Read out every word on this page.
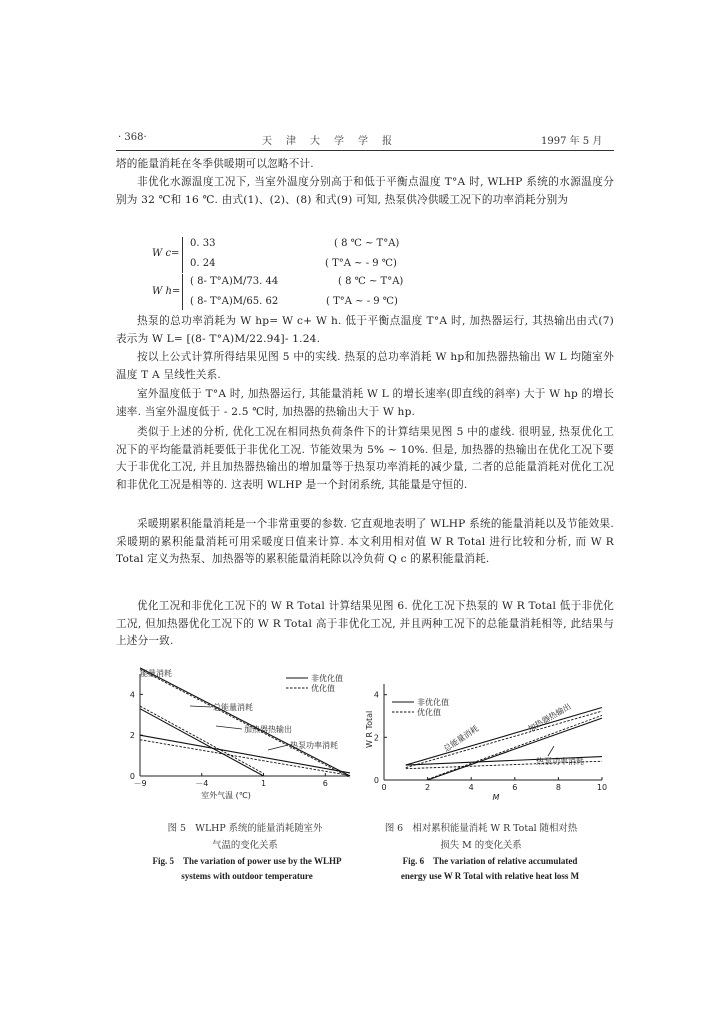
· 368·	天　津　大　学　学　报	1997 年 5 月
塔的能量消耗在冬季供暖期可以忽略不计.
非优化水源温度工况下, 当室外温度分别高于和低于平衡点温度 T°A 时, WLHP 系统的水源温度分别为 32 ℃和 16 ℃. 由式(1)、(2)、(8) 和式(9) 可知, 热泵供冷供暖工况下的功率消耗分别为
W c=
0. 33	( 8 ℃ ~ T°A)
0. 24	( T°A ~ - 9 ℃)
W h=
( 8- T°A)M/73. 44	( 8 ℃ ~ T°A)
( 8- T°A)M/65. 62	( T°A ~ - 9 ℃)
热泵的总功率消耗为 W hp= W c+ W h. 低于平衡点温度 T°A 时, 加热器运行, 其热输出由式(7) 表示为 W L= [(8- T°A)M/22.94]- 1.24.
按以上公式计算所得结果见图 5 中的实线. 热泵的总功率消耗 W hp和加热器热输出 W L 均随室外温度 T A 呈线性关系.
室外温度低于 T°A 时, 加热器运行, 其能量消耗 W L 的增长速率(即直线的斜率) 大于 W hp 的增长速率. 当室外温度低于 - 2.5 ℃时, 加热器的热输出大于 W hp.
类似于上述的分析, 优化工况在相同热负荷条件下的计算结果见图 5 中的虚线. 很明显, 热泵优化工况下的平均能量消耗要低于非优化工况. 节能效果为 5% ~ 10%. 但是, 加热器的热输出在优化工况下要大于非优化工况, 并且加热器热输出的增加量等于热泵功率消耗的减少量, 二者的总能量消耗对优化工况和非优化工况是相等的. 这表明 WLHP 是一个封闭系统, 其能量是守恒的.
采暖期累积能量消耗是一个非常重要的参数. 它直观地表明了 WLHP 系统的能量消耗以及节能效果. 采暖期的累积能量消耗可用采暖度日值来计算. 本文利用相对值 W R Total 进行比较和分析, 而 W R Total 定义为热泵、加热器等的累积能量消耗除以冷负荷 Q c 的累积能量消耗.
优化工况和非优化工况下的 W R Total 计算结果见图 6. 优化工况下热泵的 W R Total 低于非优化工况, 但加热器优化工况下的 W R Total 高于非优化工况, 并且两种工况下的总能量消耗相等, 此结果与上述分一致.
－9	－4	1	6
0
2
4
能量消耗
室外气温 (℃)
非优化值
优化值
总能量消耗
加热器热输出
热泵功率消耗
0	2	4	6	8	10
0
2
4
W R Total
M
非优化值
优化值
总能量消耗
加热器热输出
热泵功率消耗
图 5　WLHP 系统的能量消耗随室外
气温的变化关系
Fig. 5　The variation of power use by the WLHP
systems with outdoor temperature
图 6　相对累积能量消耗 W R Total 随相对热
损失 M 的变化关系
Fig. 6　The variation of relative accumulated
energy use W R Total with relative heat loss M
